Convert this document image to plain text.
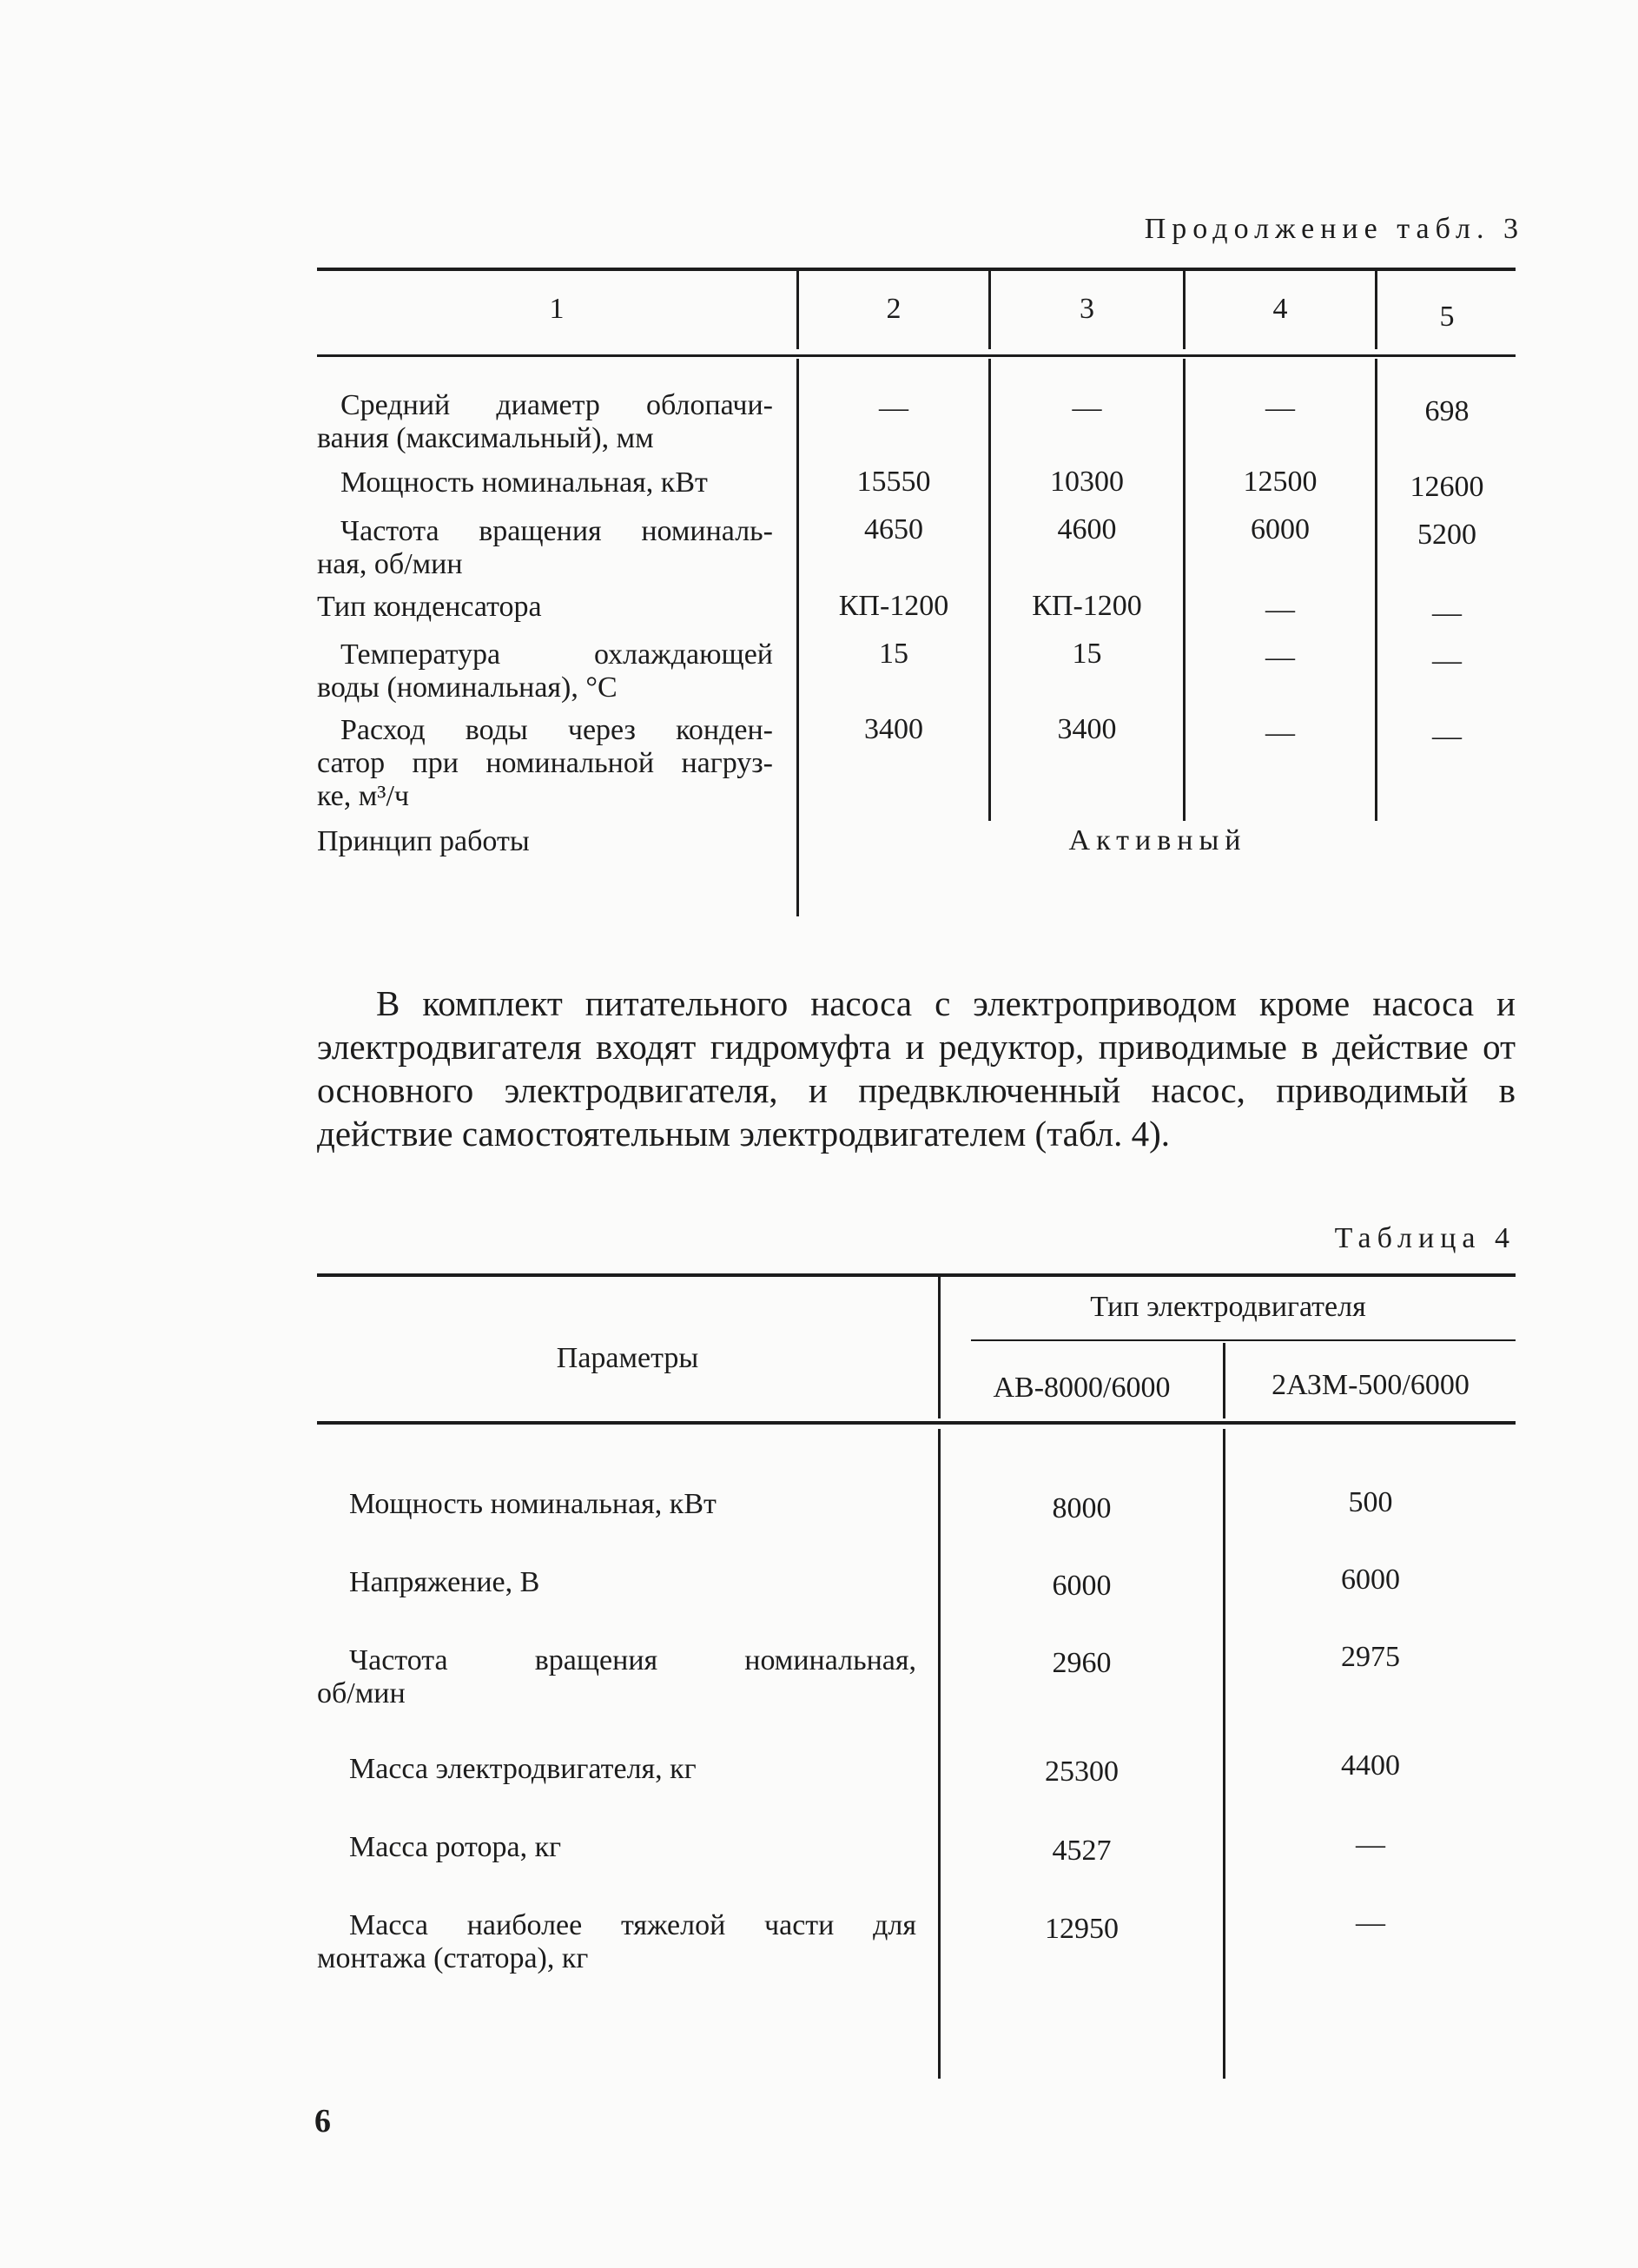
Продолжение табл. 3
1	2	3	4	5
Средний диаметр облопачи-
вания (максимальный), мм
—	—	—	698
Мощность номинальная, кВт	15550	10300	12500	12600
Частота вращения номиналь-
ная, об/мин
4650	4600	6000	5200
Тип конденсатора	КП-1200	КП-1200	—	—
Температура охлаждающей
воды (номинальная), °С
15	15	—	—
Расход воды через конден-
сатор при номинальной нагруз-
ке, м³/ч
3400	3400	—	—
Принцип работы	Активный
В комплект питательного насоса с электроприводом кроме насоса и электродвигателя входят гидромуфта и редуктор, приводимые в действие от основного электродвигателя, и предвключенный насос, приводимый в действие самостоятельным электродвигателем (табл. 4).
Таблица 4
Параметры
Тип электродвигателя
АВ-8000/6000	2АЗМ-500/6000
Мощность номинальная, кВт	8000	500
Напряжение, В	6000	6000
Частота вращения номинальная,
об/мин
2960	2975
Масса электродвигателя, кг	25300	4400
Масса ротора, кг	4527	—
Масса наиболее тяжелой части для
монтажа (статора), кг
12950	—
6
